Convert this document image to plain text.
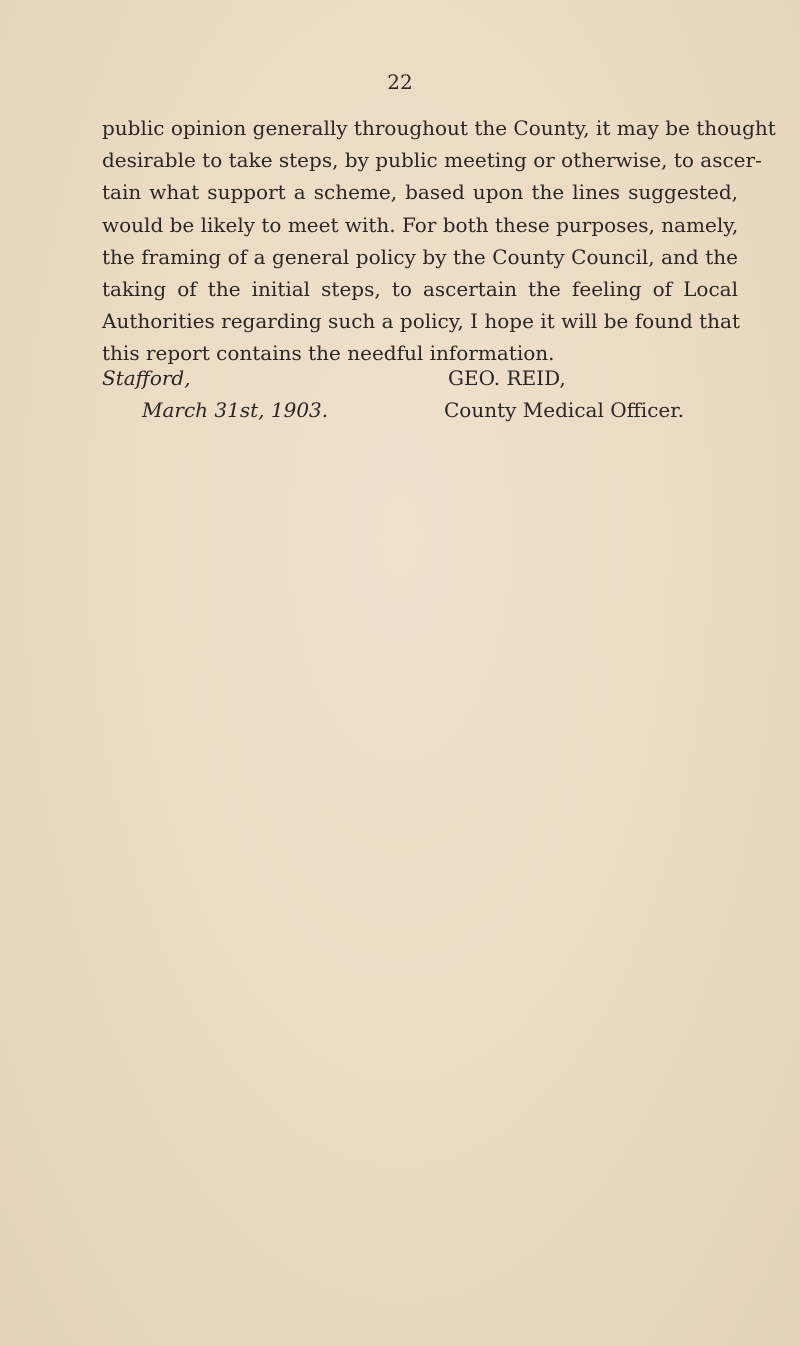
22
public opinion generally throughout the County, it may be thought
desirable to take steps, by public meeting or otherwise, to ascer-
tain what support a scheme, based upon the lines suggested,
would be likely to meet with. For both these purposes, namely,
the framing of a general policy by the County Council, and the
taking of the initial steps, to ascertain the feeling of Local
Authorities regarding such a policy, I hope it will be found that
this report contains the needful information.
Stafford,
March 31st, 1903.
GEO. REID,
County Medical Officer.
